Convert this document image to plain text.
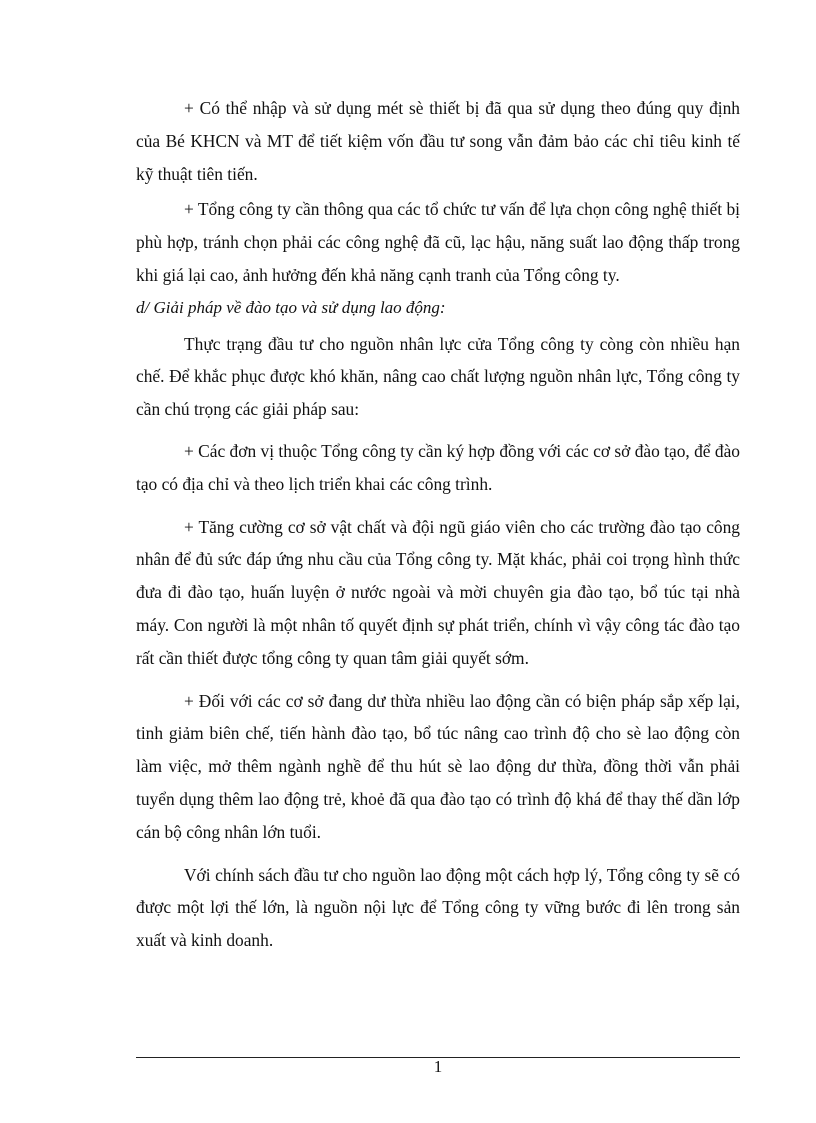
+ Có thể nhập và sử dụng mét sè thiết bị đã qua sử dụng theo đúng quy định của Bé KHCN và MT để tiết kiệm vốn đầu tư song vẫn đảm bảo các chỉ tiêu kinh tế kỹ thuật tiên tiến.

+ Tổng công ty cần thông qua các tổ chức tư vấn để lựa chọn công nghệ thiết bị phù hợp, tránh chọn phải các công nghệ đã cũ, lạc hậu, năng suất lao động thấp trong khi giá lại cao, ảnh hưởng đến khả năng cạnh tranh của Tổng công ty.

d/ Giải pháp về đào tạo và sử dụng lao động:

Thực trạng đầu tư cho nguồn nhân lực cửa Tổng công ty còng còn nhiều hạn chế. Để khắc phục được khó khăn, nâng cao chất lượng nguồn nhân lực, Tổng công ty cần chú trọng các giải pháp sau:

+ Các đơn vị thuộc Tổng công ty cần ký hợp đồng với các cơ sở đào tạo, để đào tạo có địa chỉ và theo lịch triển khai các công trình.

+ Tăng cường cơ sở vật chất và đội ngũ giáo viên cho các trường đào tạo công nhân để đủ sức đáp ứng nhu cầu của Tổng công ty. Mặt khác, phải coi trọng hình thức đưa đi đào tạo, huấn luyện ở nước ngoài và mời chuyên gia đào tạo, bổ túc tại nhà máy. Con người là một nhân tố quyết định sự phát triển, chính vì vậy công tác đào tạo rất cần thiết được tổng công ty quan tâm giải quyết sớm.

+ Đối với các cơ sở đang dư thừa nhiều lao động cần có biện pháp sắp xếp lại, tinh giảm biên chế, tiến hành đào tạo, bổ túc nâng cao trình độ cho sè lao động còn làm việc, mở thêm ngành nghề để thu hút sè lao động dư thừa, đồng thời vẫn phải tuyển dụng thêm lao động trẻ, khoẻ đã qua đào tạo có trình độ khá để thay thế dần lớp cán bộ công nhân lớn tuổi.

Với chính sách đầu tư cho nguồn lao động một cách hợp lý, Tổng công ty sẽ có được một lợi thế lớn, là nguồn nội lực để Tổng công ty vững bước đi lên trong sản xuất và kinh doanh.

1
